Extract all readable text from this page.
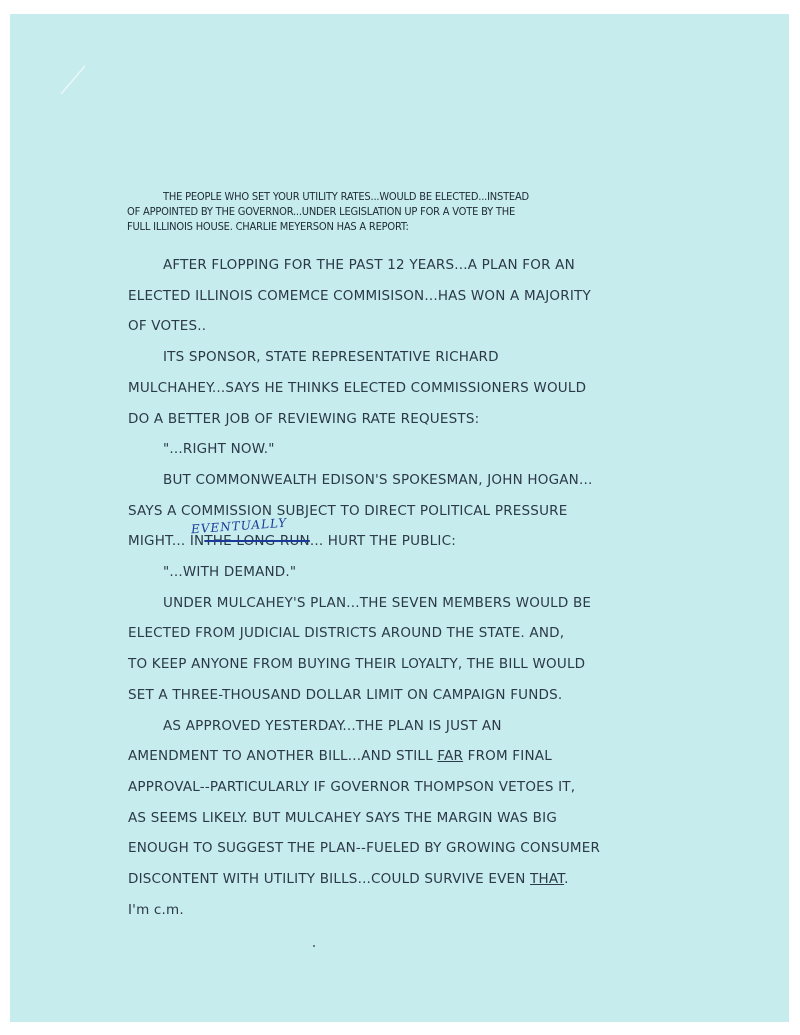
THE PEOPLE WHO SET YOUR UTILITY RATES...WOULD BE ELECTED...INSTEAD
OF APPOINTED BY THE GOVERNOR...UNDER LEGISLATION UP FOR A VOTE BY THE
FULL ILLINOIS HOUSE. CHARLIE MEYERSON HAS A REPORT:

AFTER FLOPPING FOR THE PAST 12 YEARS...A PLAN FOR AN

ELECTED ILLINOIS COMEMCE COMMISISON...HAS WON A MAJORITY

OF VOTES..

ITS SPONSOR, STATE REPRESENTATIVE RICHARD

MULCHAHEY...SAYS HE THINKS ELECTED COMMISSIONERS WOULD

DO A BETTER JOB OF REVIEWING RATE REQUESTS:

"...RIGHT NOW."

BUT COMMONWEALTH EDISON'S SPOKESMAN, JOHN HOGAN...

SAYS A COMMISSION SUBJECT TO DIRECT POLITICAL PRESSURE

MIGHT... INTHE LONG RUN... HURT THE PUBLIC:

"...WITH DEMAND."

UNDER MULCAHEY'S PLAN...THE SEVEN MEMBERS WOULD BE

ELECTED FROM JUDICIAL DISTRICTS AROUND THE STATE. AND,

TO KEEP ANYONE FROM BUYING THEIR LOYALTY, THE BILL WOULD

SET A THREE-THOUSAND DOLLAR LIMIT ON CAMPAIGN FUNDS.

AS APPROVED YESTERDAY...THE PLAN IS JUST AN

AMENDMENT TO ANOTHER BILL...AND STILL FAR FROM FINAL

APPROVAL--PARTICULARLY IF GOVERNOR THOMPSON VETOES IT,

AS SEEMS LIKELY. BUT MULCAHEY SAYS THE MARGIN WAS BIG

ENOUGH TO SUGGEST THE PLAN--FUELED BY GROWING CONSUMER

DISCONTENT WITH UTILITY BILLS...COULD SURVIVE EVEN THAT.

I'm c.m.

EVENTUALLY
